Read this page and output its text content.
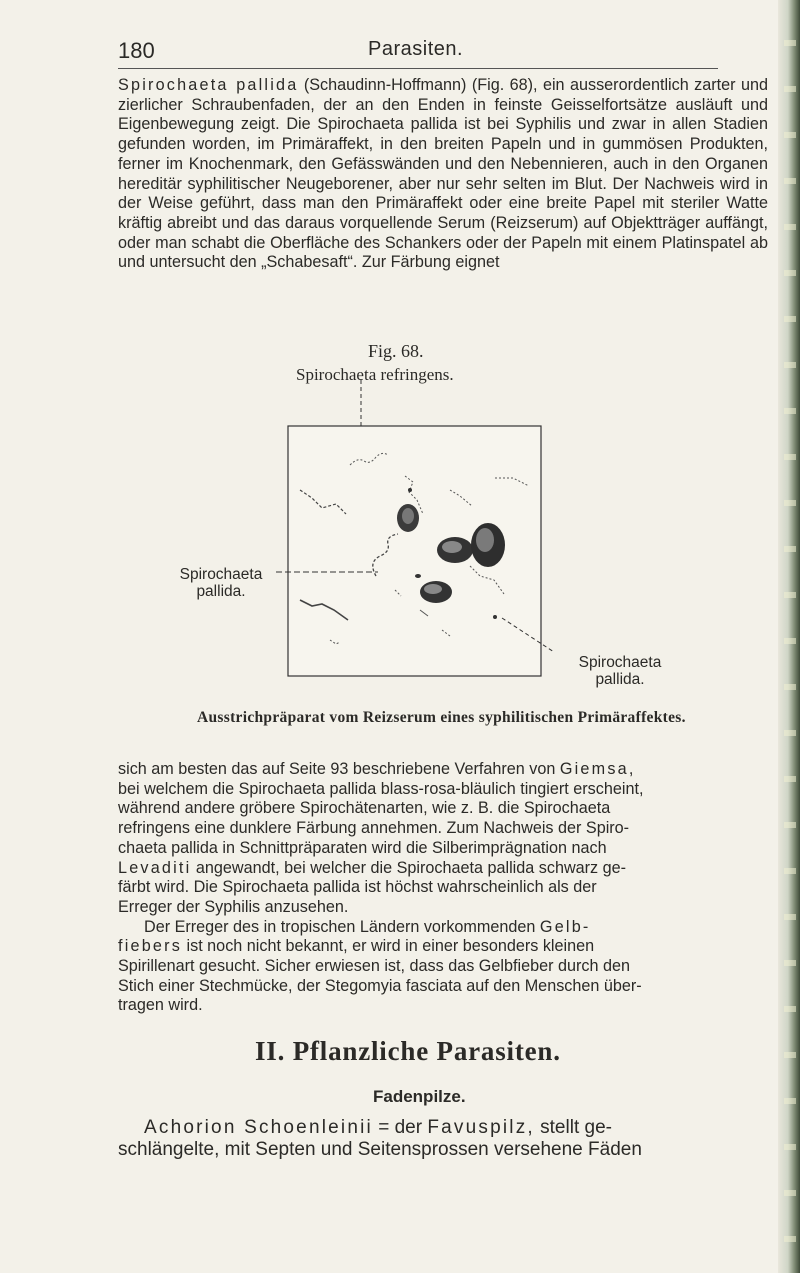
180	Parasiten.
Spirochaeta pallida (Schaudinn-Hoffmann) (Fig. 68), ein ausserordentlich zarter und zierlicher Schraubenfaden, der an den Enden in feinste Geisselfortsätze ausläuft und Eigenbewegung zeigt. Die Spirochaeta pallida ist bei Syphilis und zwar in allen Stadien gefunden worden, im Primäraffekt, in den breiten Papeln und in gummösen Produkten, ferner im Knochenmark, den Gefässwänden und den Nebennieren, auch in den Organen hereditär syphilitischer Neugeborener, aber nur sehr selten im Blut. Der Nachweis wird in der Weise geführt, dass man den Primäraffekt oder eine breite Papel mit steriler Watte kräftig abreibt und das daraus vorquellende Serum (Reizserum) auf Objektträger auffängt, oder man schabt die Oberfläche des Schankers oder der Papeln mit einem Platinspatel ab und untersucht den „Schabesaft“. Zur Färbung eignet
Fig. 68.
Spirochaeta refringens.
Spirochaeta
pallida.
Spirochaeta
pallida.
Ausstrichpräparat vom Reizserum eines syphilitischen Primäraffektes.
sich am besten das auf Seite 93 beschriebene Verfahren von Giemsa,
bei welchem die Spirochaeta pallida blass-rosa-bläulich tingiert erscheint,
während andere gröbere Spirochätenarten, wie z. B. die Spirochaeta
refringens eine dunklere Färbung annehmen. Zum Nachweis der Spiro-
chaeta pallida in Schnittpräparaten wird die Silberimprägnation nach
Levaditi angewandt, bei welcher die Spirochaeta pallida schwarz ge-
färbt wird. Die Spirochaeta pallida ist höchst wahrscheinlich als der
Erreger der Syphilis anzusehen.
Der Erreger des in tropischen Ländern vorkommenden Gelb-
fiebers ist noch nicht bekannt, er wird in einer besonders kleinen
Spirillenart gesucht. Sicher erwiesen ist, dass das Gelbfieber durch den
Stich einer Stechmücke, der Stegomyia fasciata auf den Menschen über-
tragen wird.
II. Pflanzliche Parasiten.
Fadenpilze.
Achorion Schoenleinii = der Favuspilz, stellt ge-
schlängelte, mit Septen und Seitensprossen versehene Fäden
